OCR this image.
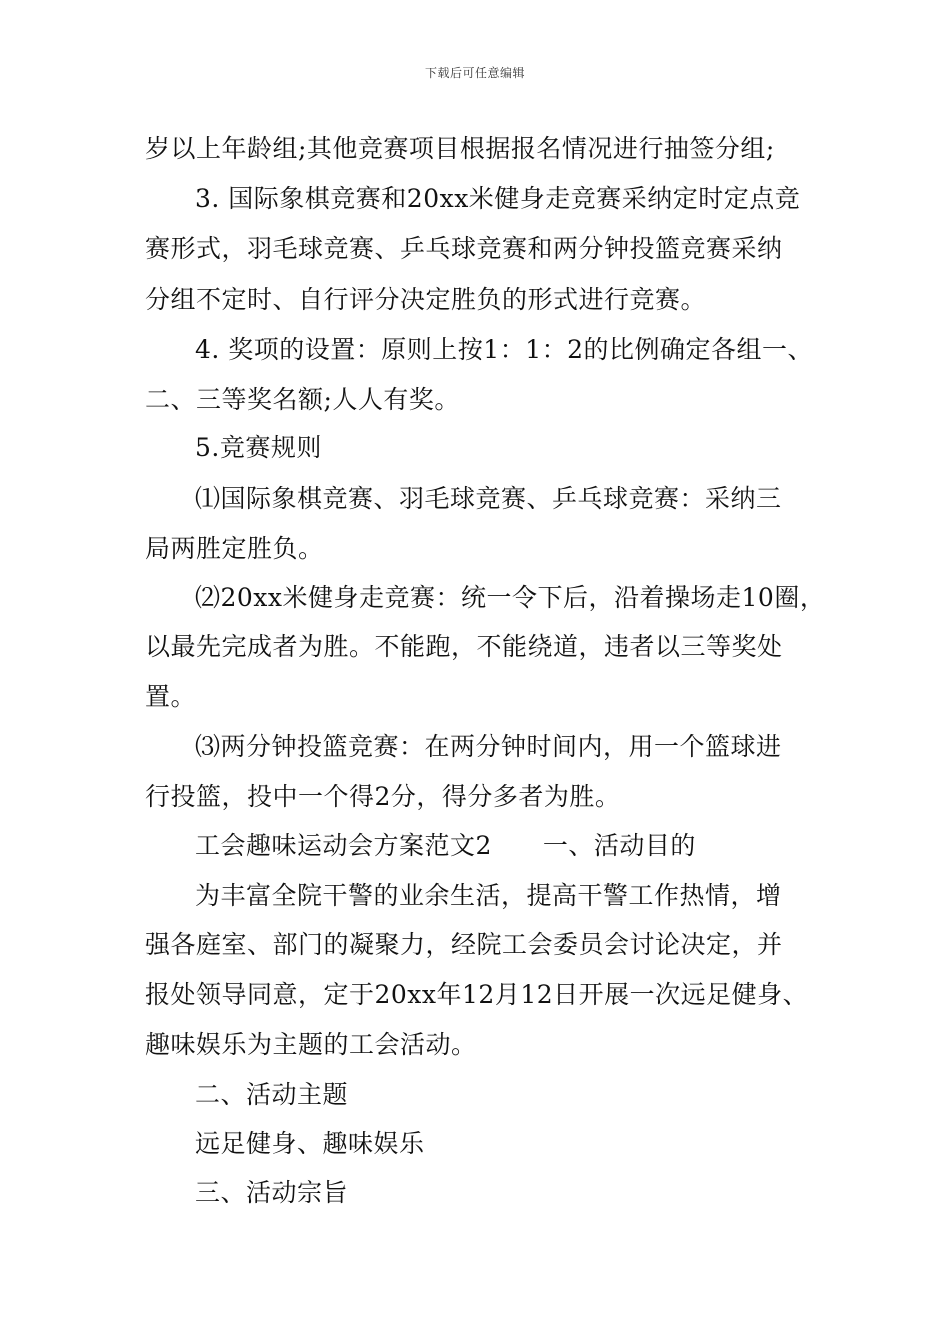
下载后可任意编辑
岁以上年龄组;其他竞赛项目根据报名情况进行抽签分组;
3. 国际象棋竞赛和20xx米健身走竞赛采纳定时定点竞
赛形式，羽毛球竞赛、乒乓球竞赛和两分钟投篮竞赛采纳
分组不定时、自行评分决定胜负的形式进行竞赛。
4. 奖项的设置：原则上按1：1：2的比例确定各组一、
二、三等奖名额;人人有奖。
5.竞赛规则
⑴国际象棋竞赛、羽毛球竞赛、乒乓球竞赛：采纳三
局两胜定胜负。
⑵20xx米健身走竞赛：统一令下后，沿着操场走10圈，
以最先完成者为胜。不能跑，不能绕道，违者以三等奖处
置。
⑶两分钟投篮竞赛：在两分钟时间内，用一个篮球进
行投篮，投中一个得2分，得分多者为胜。
工会趣味运动会方案范文2　　一、活动目的
为丰富全院干警的业余生活，提高干警工作热情，增
强各庭室、部门的凝聚力，经院工会委员会讨论决定，并
报处领导同意，定于20xx年12月12日开展一次远足健身、
趣味娱乐为主题的工会活动。
二、活动主题
远足健身、趣味娱乐
三、活动宗旨
